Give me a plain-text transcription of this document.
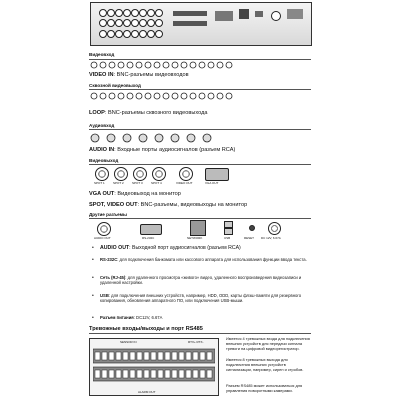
Видеовход
VIDEO IN: BNC-разъемы видеовходов
Сквозной видеовыход
LOOP: BNC-разъемы сквозного видеовыхода
Аудиовход
AUDIO IN: Входные порты аудиосигналов (разъем RCA)
Видеовыход
SPOT 1	SPOT 2	SPOT 3	SPOT 4	VIDEO OUT	VGA OUT
VGA OUT: Видеовыход на монитор
SPOT, VIDEO OUT: BNC-разъемы, видеовыходы на монитор
Другие разъемы
AUDIO OUT	RS-232C	NETWORK	USB	RESET DC 12V, 6.67A
• AUDIO OUT: Выходной порт аудиосигналов (разъем RCA)
• RS-232C: для подключения банкомата или кассового аппарата для использования функции ввода текста.
• Сеть (RJ-45): для удаленного просмотра «живого» видео, удаленного воспроизведения видеозаписи и удаленной настройки.
• USB: для подключения внешних устройств, например, HDD, ODD, карты флэш-памяти для резервного копирования, обновления аппаратного ПО, или подключения USB-мыши.
• Разъем питания: DC12V, 6.67A
Тревожные входы/выходы и порт RS485
SENSOR IN	RTX+ RTX-
ALARM OUT
Имеется 4 тревожных входа для подключения внешних устройств для передачи сигнала тревоги на цифровой видеорегистратор.
Имеется 8 тревожных выхода для подключения внешних устройств сигнализации, например, сирен и стробов.
Разъем RS485 может использоваться для управления поворотными камерами.
